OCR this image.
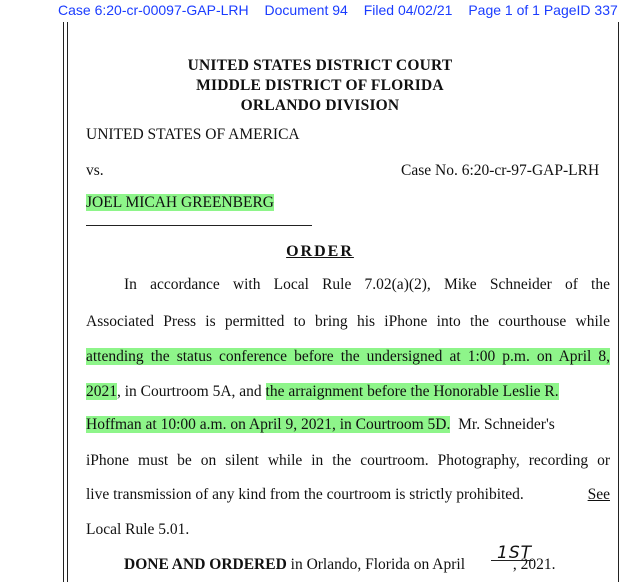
Case 6:20-cr-00097-GAP-LRH Document 94 Filed 04/02/21 Page 1 of 1 PageID 337
UNITED STATES DISTRICT COURT
MIDDLE DISTRICT OF FLORIDA
ORLANDO DIVISION
UNITED STATES OF AMERICA
vs.	Case No. 6:20-cr-97-GAP-LRH
JOEL MICAH GREENBERG
ORDER
In accordance with Local Rule 7.02(a)(2), Mike Schneider of the
Associated Press is permitted to bring his iPhone into the courthouse while
attending the status conference before the undersigned at 1:00 p.m. on April 8,
2021, in Courtroom 5A, and the arraignment before the Honorable Leslie R.
Hoffman at 10:00 a.m. on April 9, 2021, in Courtroom 5D.  Mr. Schneider's
iPhone must be on silent while in the courtroom. Photography, recording or
live transmission of any kind from the courtroom is strictly prohibited.	See
Local Rule 5.01.
DONE AND ORDERED in Orlando, Florida on April	, 2021.
1ST
